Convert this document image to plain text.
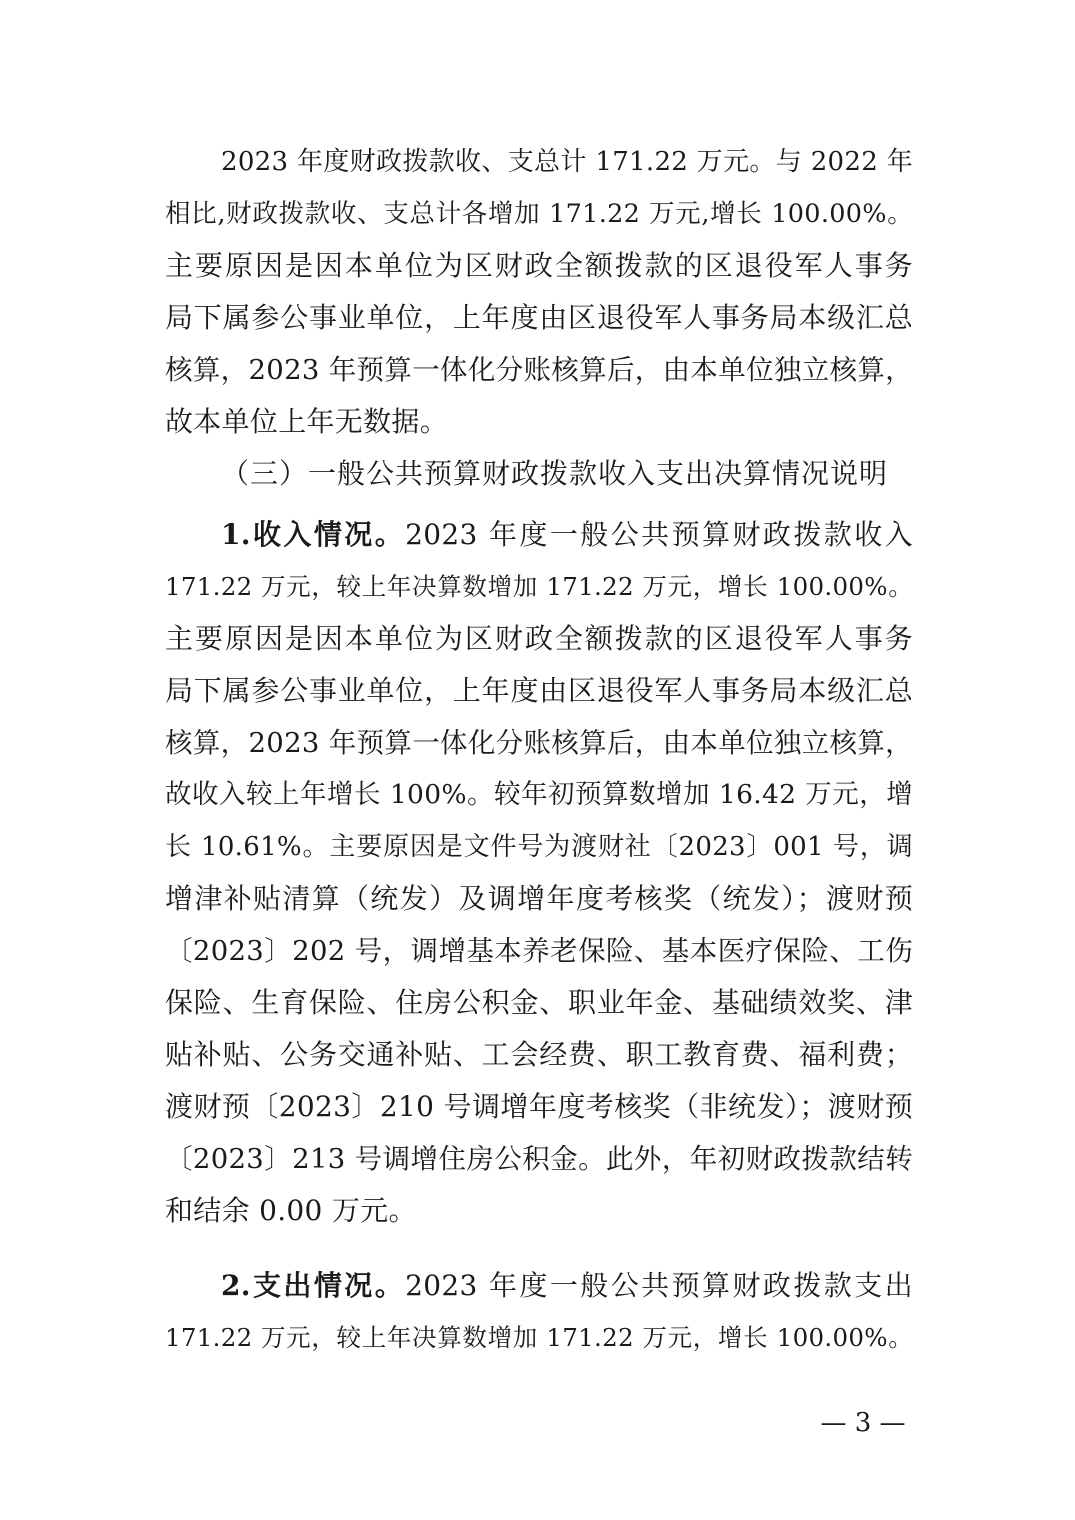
2023 年度财政拨款收、支总计 171.22 万元。与 2022 年
相比,财政拨款收、支总计各增加 171.22 万元,增长 100.00%。
主要原因是因本单位为区财政全额拨款的区退役军人事务
局下属参公事业单位，上年度由区退役军人事务局本级汇总
核算，2023 年预算一体化分账核算后，由本单位独立核算，
故本单位上年无数据。
（三）一般公共预算财政拨款收入支出决算情况说明
1.收入情况。2023 年度一般公共预算财政拨款收入
171.22 万元，较上年决算数增加 171.22 万元，增长 100.00%。
主要原因是因本单位为区财政全额拨款的区退役军人事务
局下属参公事业单位，上年度由区退役军人事务局本级汇总
核算，2023 年预算一体化分账核算后，由本单位独立核算，
故收入较上年增长 100%。较年初预算数增加 16.42 万元，增
长 10.61%。主要原因是文件号为渡财社〔2023〕001 号，调
增津补贴清算（统发）及调增年度考核奖（统发）；渡财预
〔2023〕202 号，调增基本养老保险、基本医疗保险、工伤
保险、生育保险、住房公积金、职业年金、基础绩效奖、津
贴补贴、公务交通补贴、工会经费、职工教育费、福利费；
渡财预〔2023〕210 号调增年度考核奖（非统发）；渡财预
〔2023〕213 号调增住房公积金。此外，年初财政拨款结转
和结余 0.00 万元。
2.支出情况。2023 年度一般公共预算财政拨款支出
171.22 万元，较上年决算数增加 171.22 万元，增长 100.00%。
— 3 —
